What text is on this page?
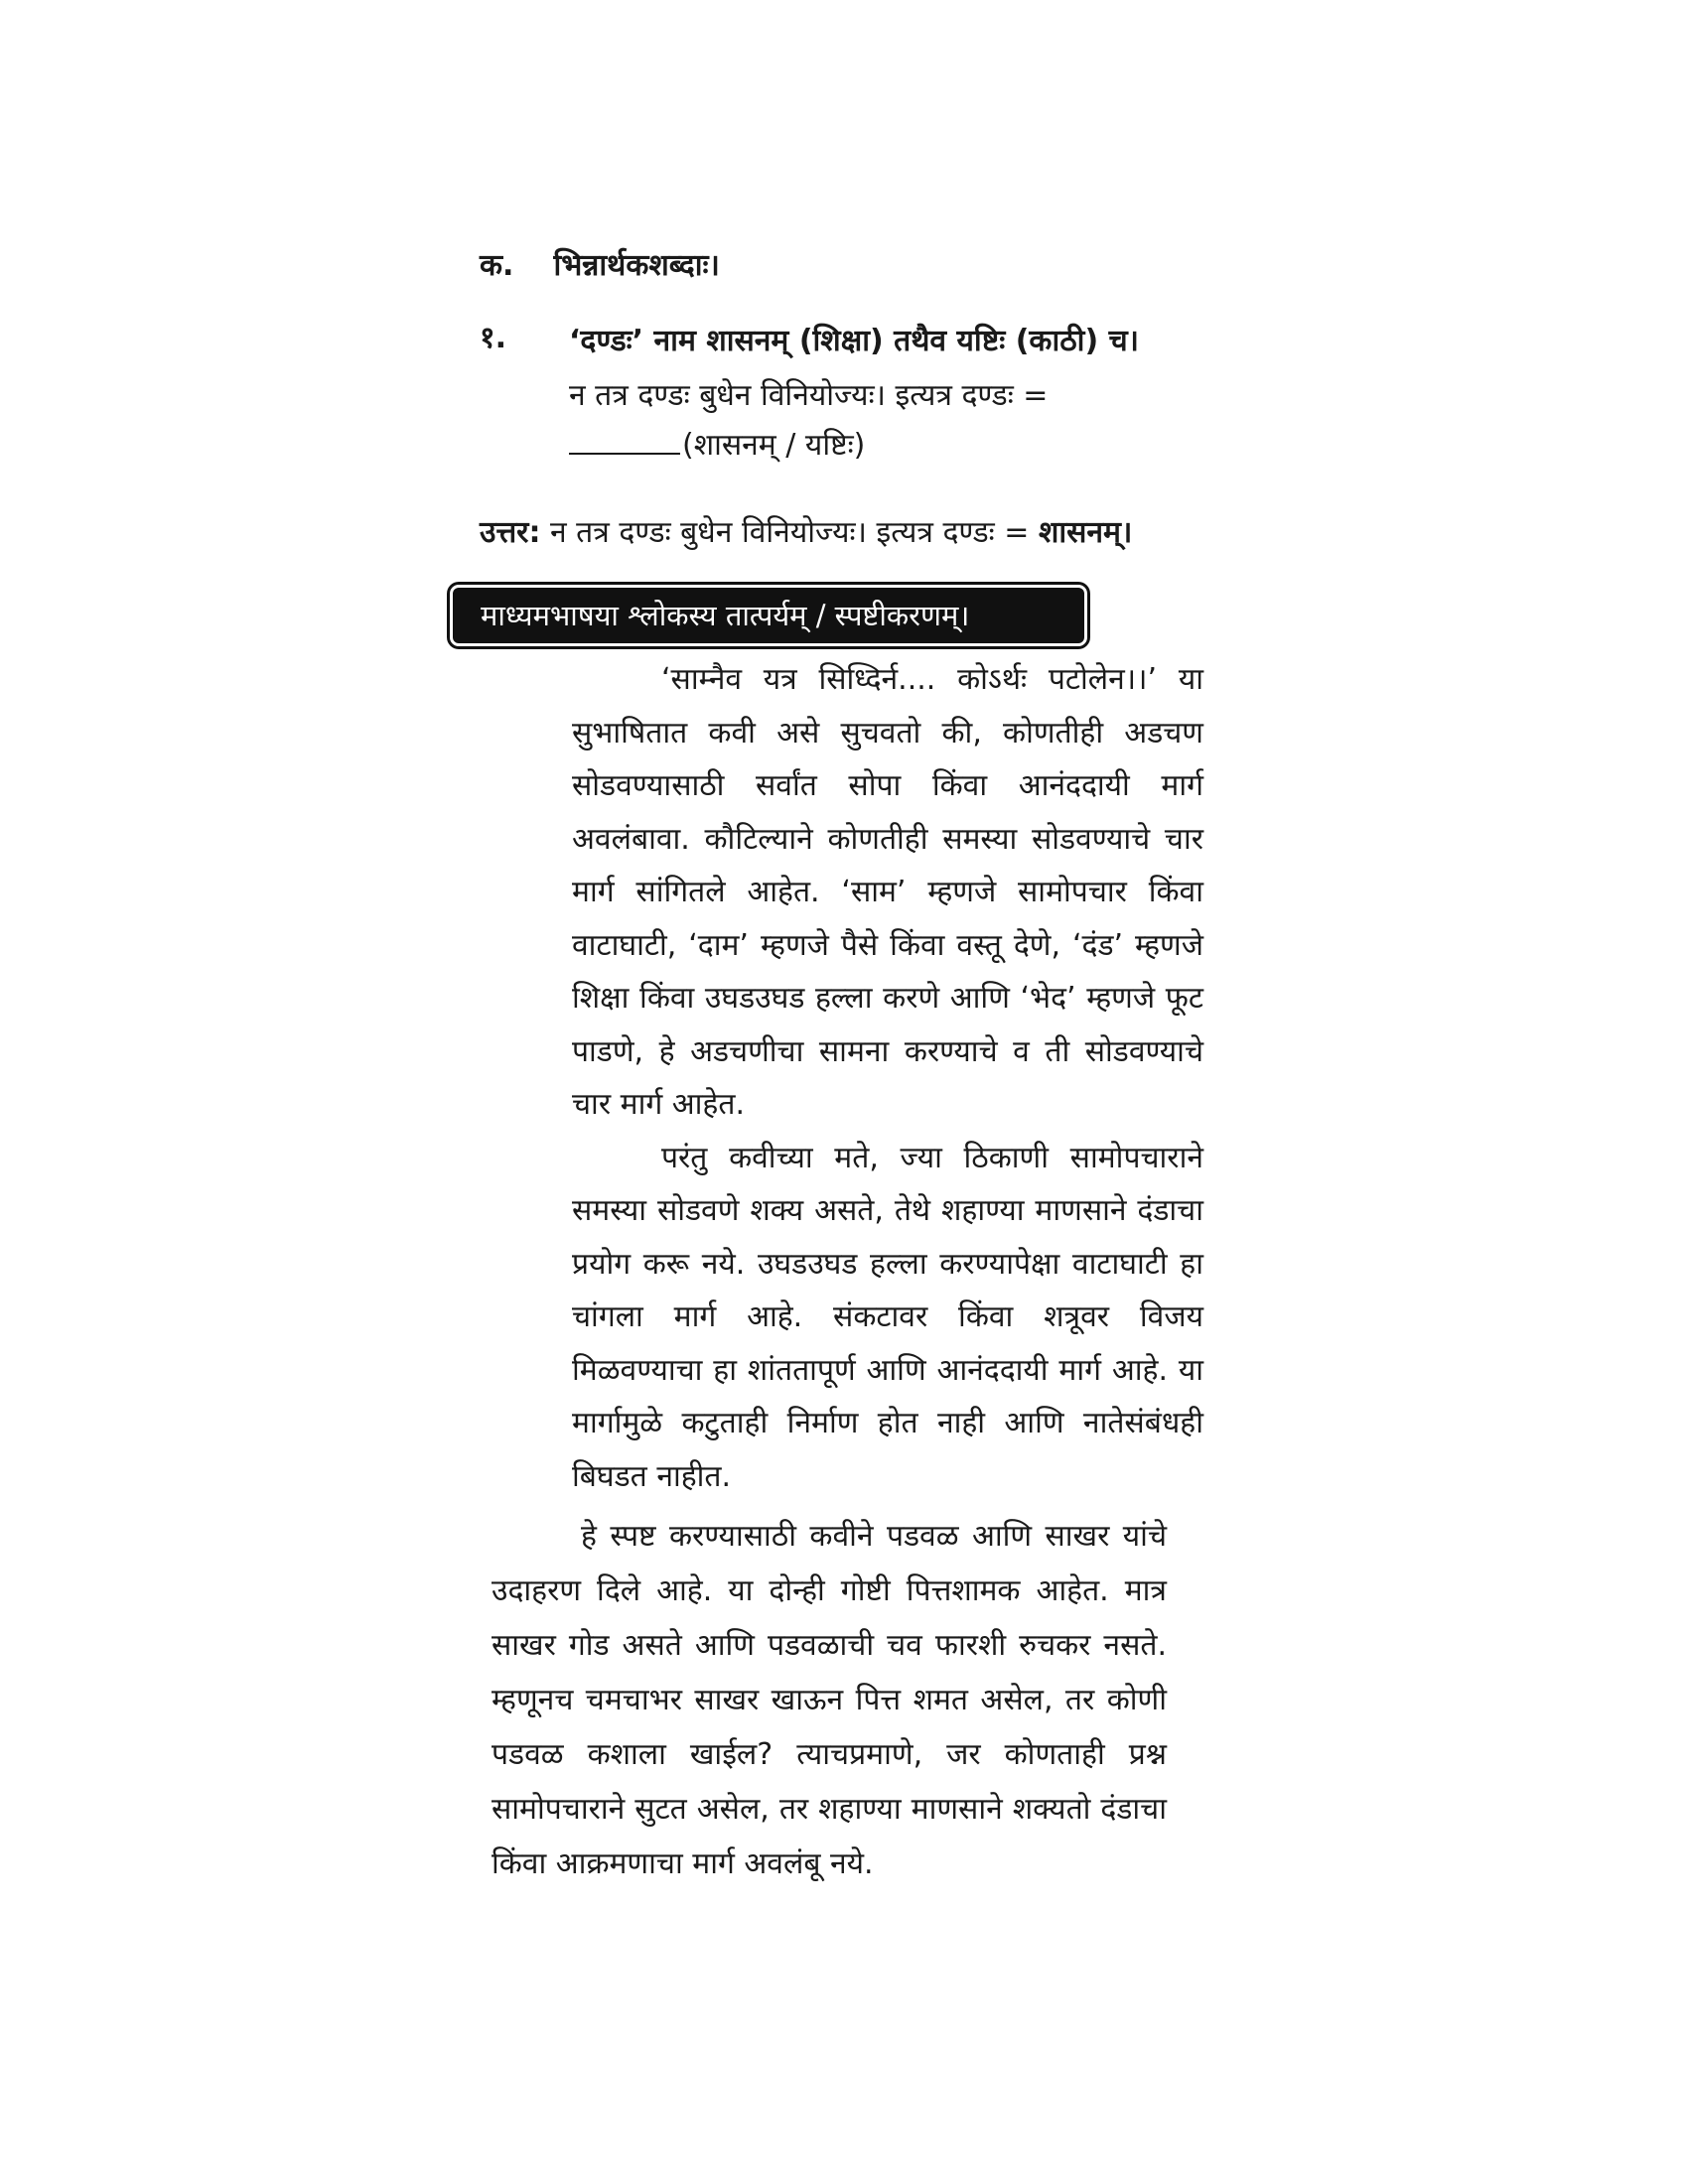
क. भिन्नार्थकशब्दाः।
१.	‘दण्डः’ नाम शासनम् (शिक्षा) तथैव यष्टिः (काठी) च।
न तत्र दण्डः बुधेन विनियोज्यः। इत्यत्र दण्डः =
(शासनम् / यष्टिः)
उत्तर: न तत्र दण्डः बुधेन विनियोज्यः। इत्यत्र दण्डः = शासनम्।
माध्यमभाषया श्लोकस्य तात्पर्यम् / स्पष्टीकरणम्।

‘साम्नैव यत्र सिध्दिर्न.... कोऽर्थः पटोलेन।।’ या सुभाषितात कवी असे सुचवतो की, कोणतीही अडचण सोडवण्यासाठी सर्वांत सोपा किंवा आनंददायी मार्ग अवलंबावा. कौटिल्याने कोणतीही समस्या सोडवण्याचे चार मार्ग सांगितले आहेत. ‘साम’ म्हणजे सामोपचार किंवा वाटाघाटी, ‘दाम’ म्हणजे पैसे किंवा वस्तू देणे, ‘दंड’ म्हणजे शिक्षा किंवा उघडउघड हल्ला करणे आणि ‘भेद’ म्हणजे फूट पाडणे, हे अडचणीचा सामना करण्याचे व ती सोडवण्याचे चार मार्ग आहेत.

परंतु कवीच्या मते, ज्या ठिकाणी सामोपचाराने समस्या सोडवणे शक्य असते, तेथे शहाण्या माणसाने दंडाचा प्रयोग करू नये. उघडउघड हल्ला करण्यापेक्षा वाटाघाटी हा चांगला मार्ग आहे. संकटावर किंवा शत्रूवर विजय मिळवण्याचा हा शांततापूर्ण आणि आनंददायी मार्ग आहे. या मार्गामुळे कटुताही निर्माण होत नाही आणि नातेसंबंधही बिघडत नाहीत.

हे स्पष्ट करण्यासाठी कवीने पडवळ आणि साखर यांचे उदाहरण दिले आहे. या दोन्ही गोष्टी पित्तशामक आहेत. मात्र साखर गोड असते आणि पडवळाची चव फारशी रुचकर नसते. म्हणूनच चमचाभर साखर खाऊन पित्त शमत असेल, तर कोणी पडवळ कशाला खाईल? त्याचप्रमाणे, जर कोणताही प्रश्न सामोपचाराने सुटत असेल, तर शहाण्या माणसाने शक्यतो दंडाचा किंवा आक्रमणाचा मार्ग अवलंबू नये.
